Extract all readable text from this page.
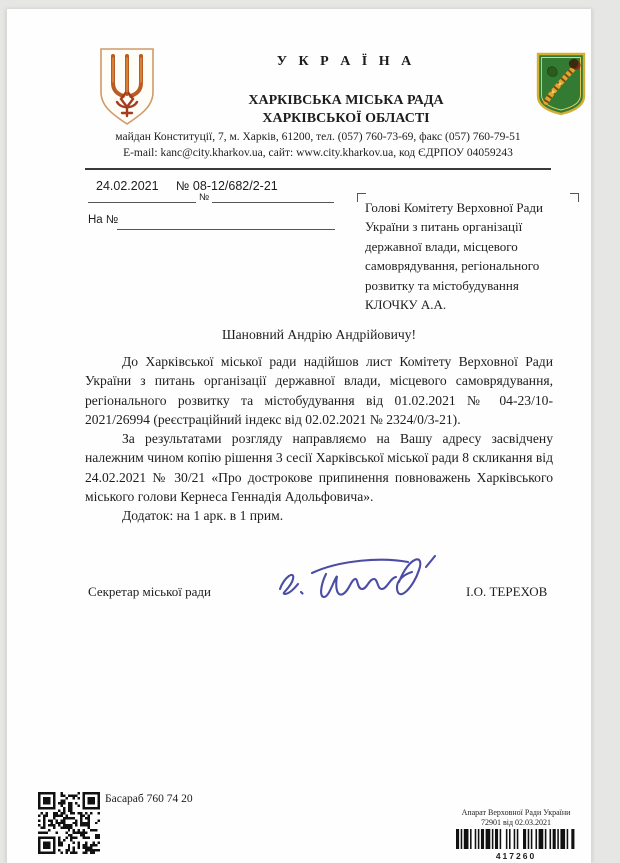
У К Р А Ї Н А
ХАРКІВСЬКА МІСЬКА РАДА
ХАРКІВСЬКОЇ ОБЛАСТІ
майдан Конституції, 7, м. Харків, 61200, тел. (057) 760-73-69, факс (057) 760-79-51
E-mail: kanc@city.kharkov.ua, сайт: www.city.kharkov.ua, код ЄДРПОУ 04059243
24.02.2021 № 08-12/682/2-21
№
На №
Голові Комітету Верховної Ради
України з питань організації
державної влади, місцевого
самоврядування, регіонального
розвитку та містобудування
КЛОЧКУ А.А.
Шановний Андрію Андрійовичу!

До Харківської міської ради надійшов лист Комітету Верховної Ради України з питань організації державної влади, місцевого самоврядування, регіонального розвитку та містобудування від 01.02.2021 № 04-23/10-2021/26994 (реєстраційний індекс від 02.02.2021 № 2324/0/3-21).

За результатами розгляду направляємо на Вашу адресу засвідчену належним чином копію рішення 3 сесії Харківської міської ради 8 скликання від 24.02.2021 № 30/21 «Про дострокове припинення повноважень Харківського міського голови Кернеса Геннадія Адольфовича».

Додаток: на 1 арк. в 1 прим.

Секретар міської ради	І.О. ТЕРЕХОВ
Басараб 760 74 20
Апарат Верховної Ради України
72901 від 02.03.2021
417260
